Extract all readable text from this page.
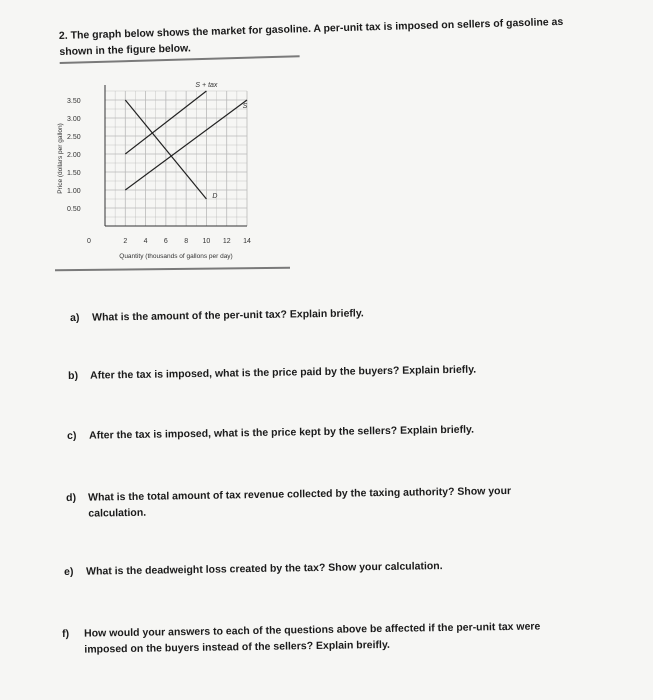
2. The graph below shows the market for gasoline. A per-unit tax is imposed on sellers of gasoline as
shown in the figure below.
0.50
1.00
1.50
2.00
2.50
3.00
3.50
0	2 4 6 8 10 12 14
Quantity (thousands of gallons per day)
Price (dollars per gallon)
S + tax
S
D
a) What is the amount of the per-unit tax? Explain briefly.
b) After the tax is imposed, what is the price paid by the buyers? Explain briefly.
c) After the tax is imposed, what is the price kept by the sellers? Explain briefly.
d) What is the total amount of tax revenue collected by the taxing authority? Show your
calculation.
e) What is the deadweight loss created by the tax? Show your calculation.
f) How would your answers to each of the questions above be affected if the per-unit tax were
imposed on the buyers instead of the sellers? Explain breifly.
